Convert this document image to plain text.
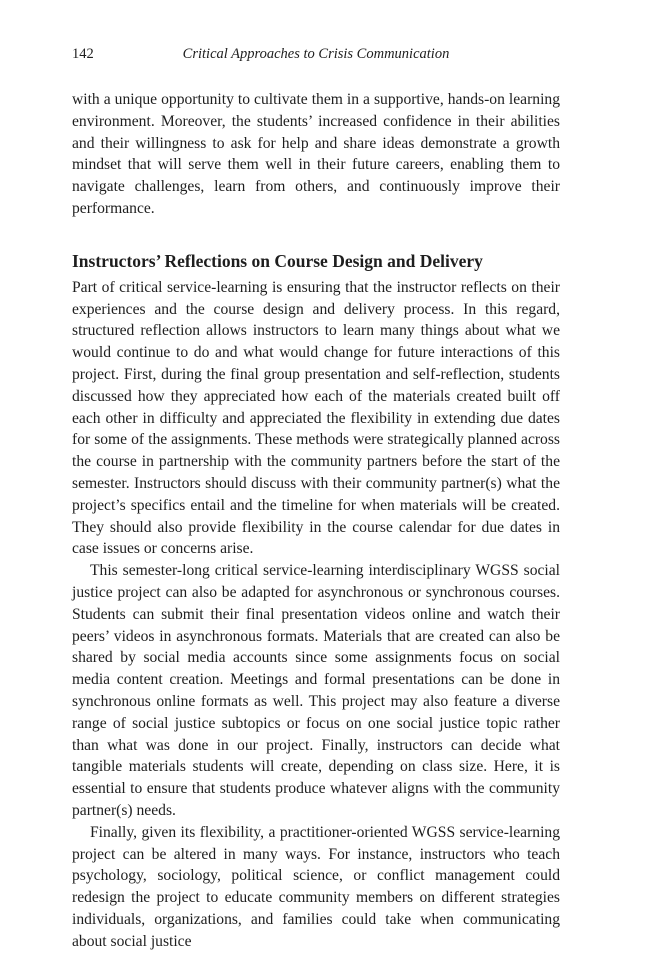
142	Critical Approaches to Crisis Communication

with a unique opportunity to cultivate them in a supportive, hands-on learning environment. Moreover, the students’ increased confidence in their abilities and their willingness to ask for help and share ideas demonstrate a growth mindset that will serve them well in their future careers, enabling them to navigate challenges, learn from others, and continuously improve their performance.

Instructors’ Reflections on Course Design and Delivery

Part of critical service-learning is ensuring that the instructor reflects on their experiences and the course design and delivery process. In this regard, structured reflection allows instructors to learn many things about what we would continue to do and what would change for future interactions of this project. First, during the final group presentation and self-reflection, students discussed how they appreciated how each of the materials created built off each other in difficulty and appreciated the flexibility in extending due dates for some of the assignments. These methods were strategically planned across the course in partnership with the community partners before the start of the semester. Instructors should discuss with their community partner(s) what the project’s specifics entail and the timeline for when materials will be created. They should also provide flexibility in the course calendar for due dates in case issues or concerns arise.

This semester-long critical service-learning interdisciplinary WGSS social justice project can also be adapted for asynchronous or synchronous courses. Students can submit their final presentation videos online and watch their peers’ videos in asynchronous formats. Materials that are created can also be shared by social media accounts since some assignments focus on social media content creation. Meetings and formal presentations can be done in synchronous online formats as well. This project may also feature a diverse range of social justice subtopics or focus on one social justice topic rather than what was done in our project. Finally, instructors can decide what tangible materials students will create, depending on class size. Here, it is essential to ensure that students produce whatever aligns with the community partner(s) needs.

Finally, given its flexibility, a practitioner-oriented WGSS service-learning project can be altered in many ways. For instance, instructors who teach psychology, sociology, political science, or conflict management could redesign the project to educate community members on different strategies individuals, organizations, and families could take when communicating about social justice
